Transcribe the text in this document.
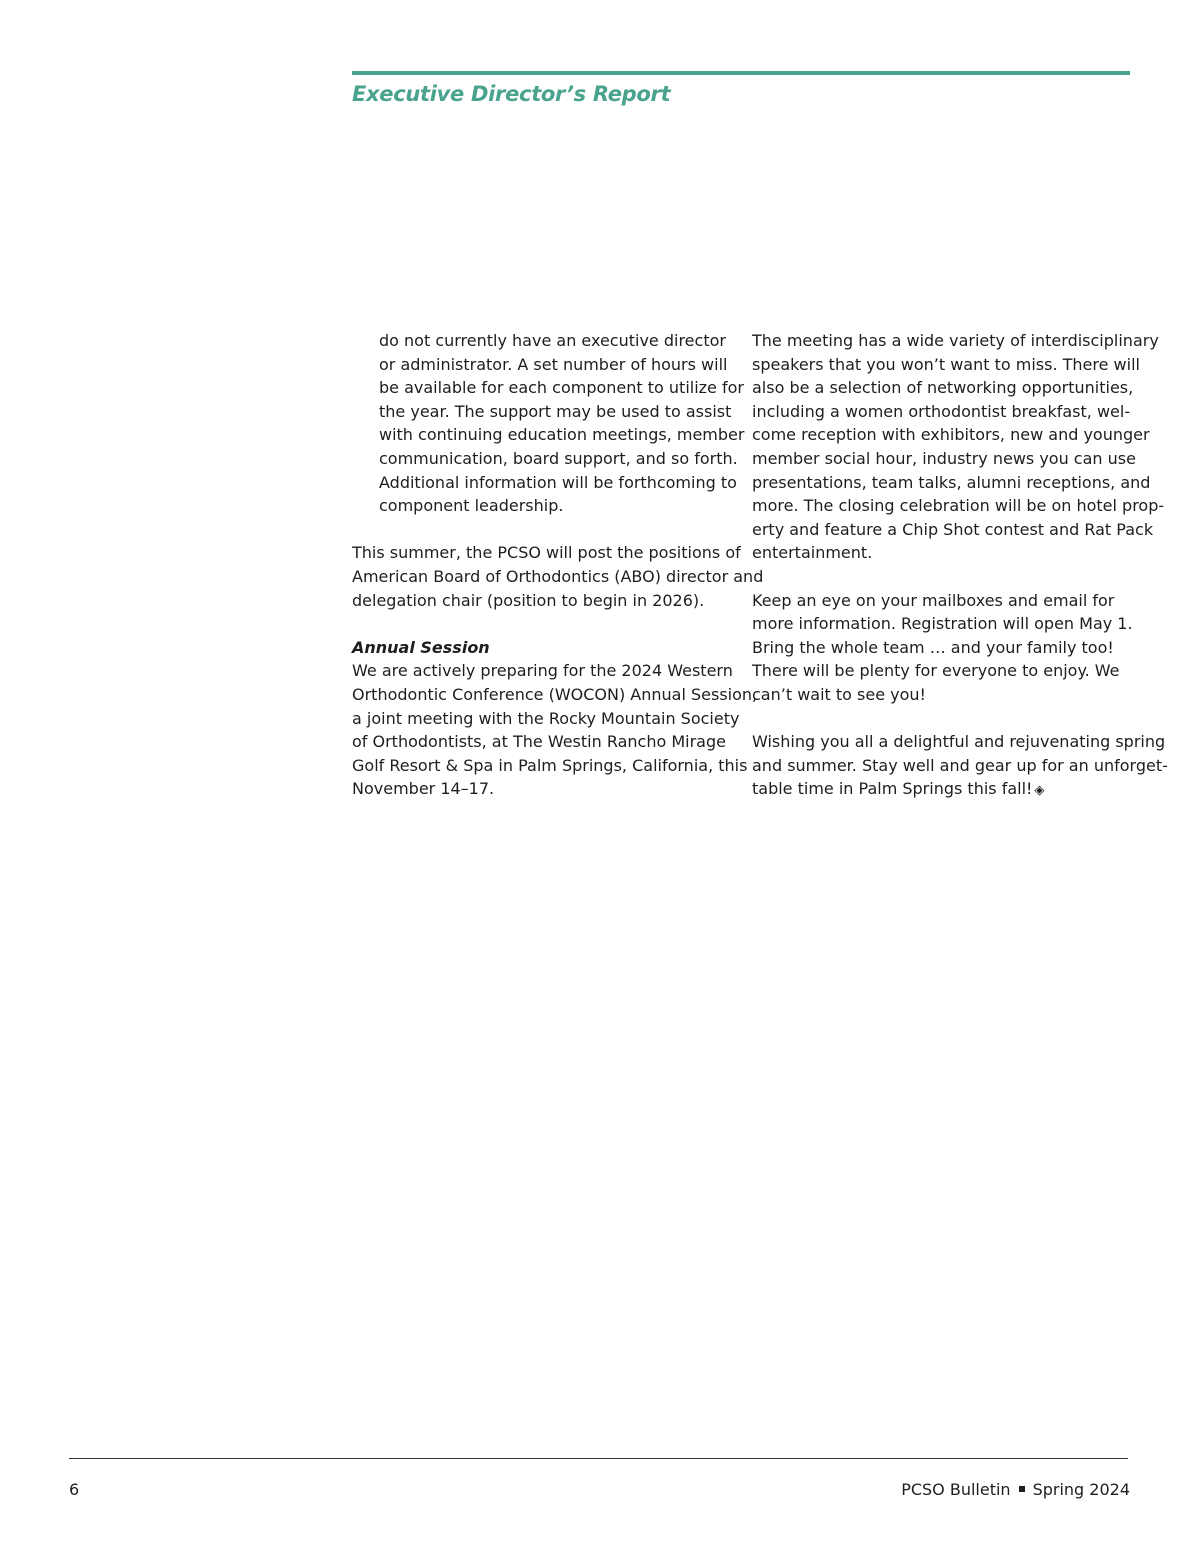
Executive Director’s Report
do not currently have an executive director
or administrator. A set number of hours will
be available for each component to utilize for
the year. The support may be used to assist
with continuing education meetings, member
communication, board support, and so forth.
Additional information will be forthcoming to
component leadership.
This summer, the PCSO will post the positions of
American Board of Orthodontics (ABO) director and
delegation chair (position to begin in 2026).
Annual Session
We are actively preparing for the 2024 Western
Orthodontic Conference (WOCON) Annual Session,
a joint meeting with the Rocky Mountain Society
of Orthodontists, at The Westin Rancho Mirage
Golf Resort & Spa in Palm Springs, California, this
November 14–17.
The meeting has a wide variety of interdisciplinary
speakers that you won’t want to miss. There will
also be a selection of networking opportunities,
including a women orthodontist breakfast, wel-
come reception with exhibitors, new and younger
member social hour, industry news you can use
presentations, team talks, alumni receptions, and
more. The closing celebration will be on hotel prop-
erty and feature a Chip Shot contest and Rat Pack
entertainment.
Keep an eye on your mailboxes and email for
more information. Registration will open May 1.
Bring the whole team … and your family too!
There will be plenty for everyone to enjoy. We
can’t wait to see you!
Wishing you all a delightful and rejuvenating spring
and summer. Stay well and gear up for an unforget-
table time in Palm Springs this fall! ◈
6	PCSO Bulletin Spring 2024
